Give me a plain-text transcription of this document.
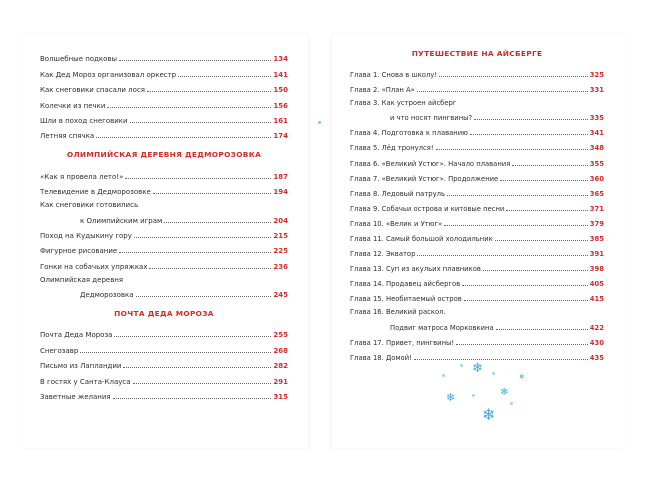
Волшебные подковы	134
Как Дед Мороз организовал оркестр	141
Как снеговики спасали лося	150
Колечки из печки	156
Шли в поход снеговики	161
Летняя спячка	174
ОЛИМПИЙСКАЯ ДЕРЕВНЯ ДЕДМОРОЗОВКА
«Как я провела лето!»	187
Телевидение в Дедморозовке	194
Как снеговики готовились
к Олимпийским играм	204
Поход на Кудыкину гору	215
Фигурное рисование	225
Гонки на собачьих упряжках	236
Олимпийская деревня
Дедморозовка	245
ПОЧТА ДЕДА МОРОЗА
Почта Деда Мороза	255
Снегозавр	268
Письмо из Лапландии	282
В гостях у Санта-Клауса	291
Заветные желания	315
ПУТЕШЕСТВИЕ НА АЙСБЕРГЕ
Глава 1. Снова в школу!	325
Глава 2. «План А»	331
Глава 3. Как устроен айсберг
и что носят пингвины?	335
Глава 4. Подготовка к плаванию	341
Глава 5. Лёд тронулся!	348
Глава 6. «Великий Устюг». Начало плавания	355
Глава 7. «Великий Устюг». Продолжение	360
Глава 8. Ледовый патруль	365
Глава 9. Собачьи острова и китовые песни	371
Глава 10. «Велик и Утюг»	379
Глава 11. Самый большой холодильник	385
Глава 12. Экватор	391
Глава 13. Суп из акульих плавников	398
Глава 14. Продавец айсбергов	405
Глава 15. Необитаемый остров	415
Глава 16. Великий раскол.
Подвиг матроса Морковкина	422
Глава 17. Привет, пингвины!	430
Глава 18. Домой!	435
❄
❄
❄
❄
❄
